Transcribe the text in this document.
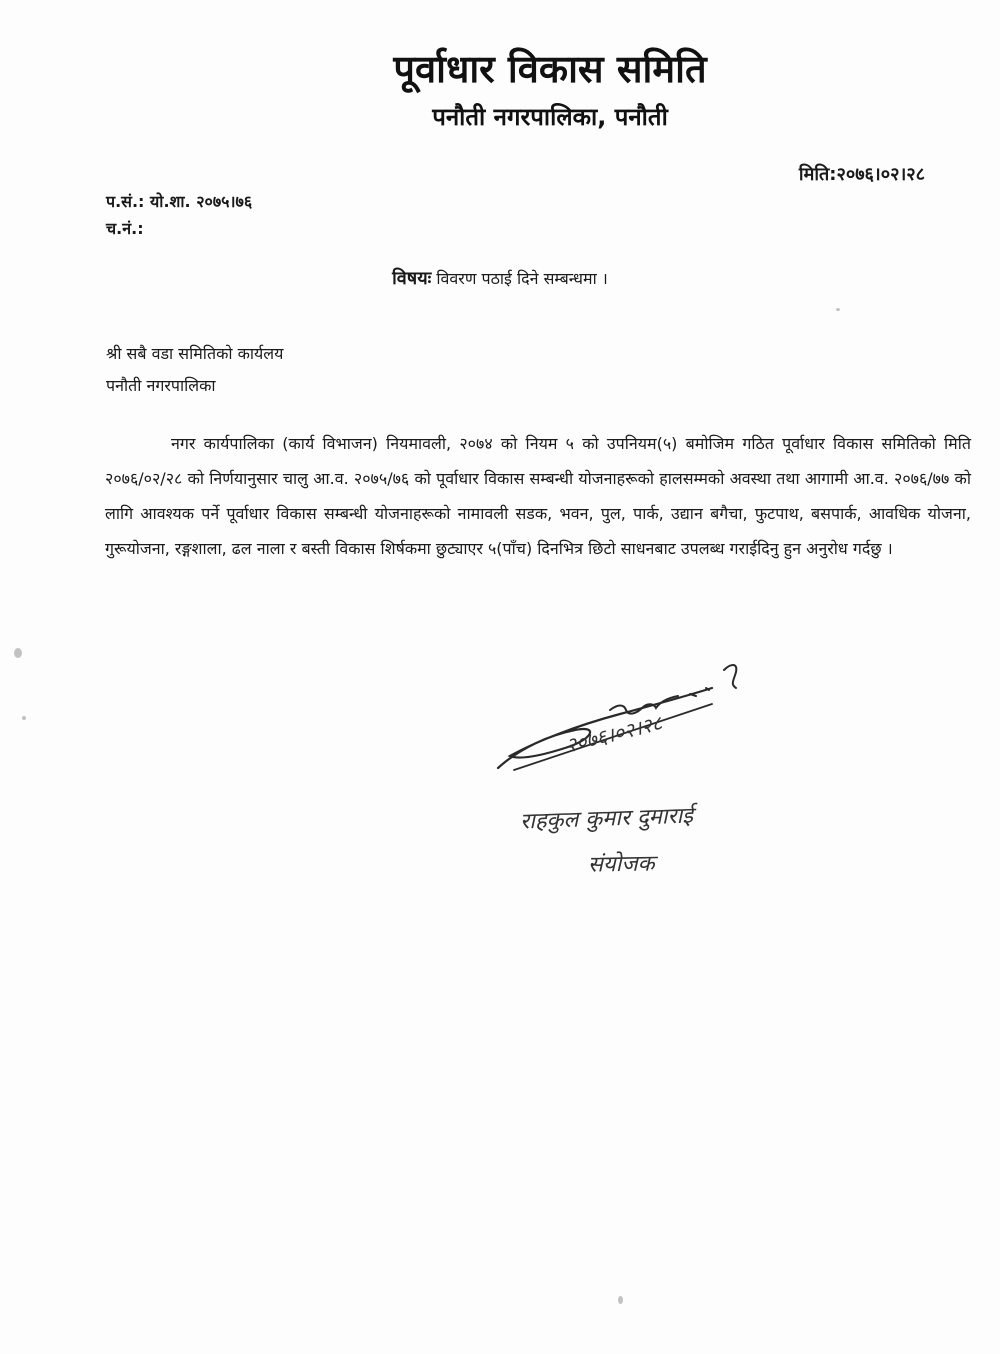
पूर्वाधार विकास समिति
पनौती नगरपालिका, पनौती
मिति:२०७६।०२।२८
प.सं.: यो.शा. २०७५।७६
च.नं.:
विषयः विवरण पठाई दिने सम्बन्धमा ।
श्री सबै वडा समितिको कार्यलय
पनौती नगरपालिका
नगर कार्यपालिका (कार्य विभाजन) नियमावली, २०७४ को नियम ५ को उपनियम(५) बमोजिम गठित पूर्वाधार विकास समितिको मिति २०७६/०२/२८ को निर्णयानुसार चालु आ.व. २०७५/७६ को पूर्वाधार विकास सम्बन्धी योजनाहरूको हालसम्मको अवस्था तथा आगामी आ.व. २०७६/७७ को लागि आवश्यक पर्ने पूर्वाधार विकास सम्बन्धी योजनाहरूको नामावली सडक, भवन, पुल, पार्क, उद्यान बगैचा, फुटपाथ, बसपार्क, आवधिक योजना, गुरूयोजना, रङ्गशाला, ढल नाला र बस्ती विकास शिर्षकमा छुट्याएर ५(पाँच) दिनभित्र छिटो साधनबाट उपलब्ध गराईदिनु हुन अनुरोध गर्दछु ।
२०७६।०२।२८
राहकुल कुमार दुमाराई
संयोजक
